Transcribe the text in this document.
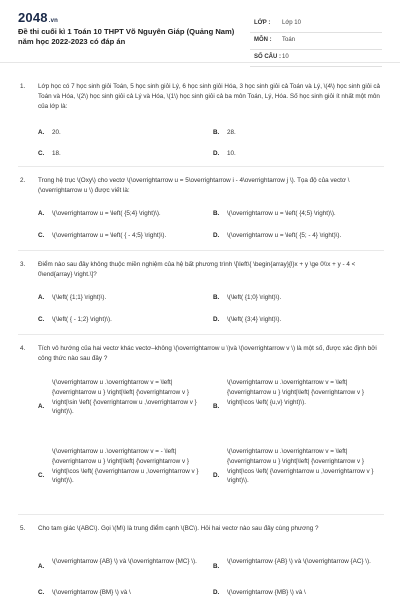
2048.vn
Đề thi cuối kì 1 Toán 10 THPT Võ Nguyên Giáp (Quảng Nam) năm học 2022-2023 có đáp án
LỚP : Lớp 10
MÔN : Toán
SỐ CÂU : 10
1. Lớp học có 7 học sinh giỏi Toán, 5 học sinh giỏi Lý, 6 học sinh giỏi Hóa, 3 học sinh giỏi cả Toán và Lý, \(4\) học sinh giỏi cả Toán và Hóa, \(2\) học sinh giỏi cả Lý và Hóa, \(1\) học sinh giỏi cả ba môn Toán, Lý, Hóa. Số học sinh giỏi ít nhất một môn của lớp là:
A. 20.	B. 28.
C. 18.	D. 10.
2. Trong hệ trục \(Oxy\) cho vectơ \(\overrightarrow u = 5\overrightarrow i - 4\overrightarrow j \). Tọa độ của vectơ \(\overrightarrow u \) được viết là:
A. \(\overrightarrow u = \left( {5;4} \right)\).	B. \(\overrightarrow u = \left( {4;5} \right)\).
C. \(\overrightarrow u = \left( { - 4;5} \right)\).	D. \(\overrightarrow u = \left( {5; - 4} \right)\).
3. Điểm nào sau đây không thuộc miền nghiệm của hệ bất phương trình \[\left\{ \begin{array}{l}x + y \ge 0\\x + y - 4 < 0\end{array} \right.\]?
A. \(\left( {1;1} \right)\).	B. \(\left( {1;0} \right)\).
C. \(\left( { - 1;2} \right)\).	D. \(\left( {3;4} \right)\).
4. Tích vô hướng của hai vectơ khác vectơ–không \(\overrightarrow u \)và \(\overrightarrow v \) là một số, được xác định bởi công thức nào sau đây ?
A.
\(\overrightarrow u .\overrightarrow v = \left| {\overrightarrow u } \right|\left| {\overrightarrow v } \right|\sin \left( {\overrightarrow u ,\overrightarrow v } \right)\).
B.
\(\overrightarrow u .\overrightarrow v = \left| {\overrightarrow u } \right|\left| {\overrightarrow v } \right|\cos \left( {u,v} \right)\).
C.
\(\overrightarrow u .\overrightarrow v = - \left| {\overrightarrow u } \right|\left| {\overrightarrow v } \right|\cos \left( {\overrightarrow u ,\overrightarrow v } \right)\).
D.
\(\overrightarrow u .\overrightarrow v = \left| {\overrightarrow u } \right|\left| {\overrightarrow v } \right|\cos \left( {\overrightarrow u ,\overrightarrow v } \right)\).
5. Cho tam giác \(ABC\). Gọi \(M\) là trung điểm cạnh \(BC\). Hỏi hai vectơ nào sau đây cùng phương ?
A.
\(\overrightarrow {AB} \) và \(\overrightarrow {MC} \).
B.
\(\overrightarrow {AB} \) và \(\overrightarrow {AC} \).
C. \(\overrightarrow {BM} \) và \	D. \(\overrightarrow {MB} \) và \
